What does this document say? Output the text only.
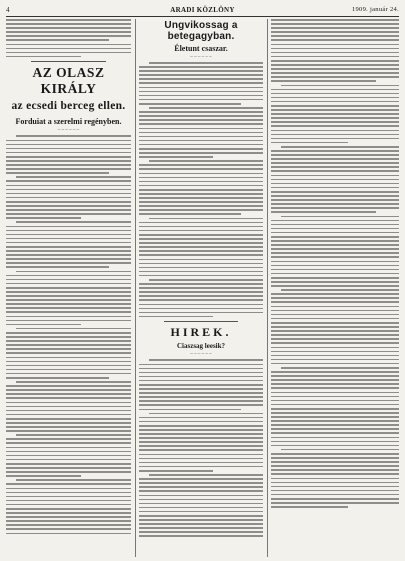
4	ARADI KÖZLÖNY	1909. január 24.
AZ OLASZ KIRÁLY
az ecsedi berceg ellen.
Forduiat a szerelmi regényben.
– – – – – –
Ungvikossag a betegagyban.
Életunt csaszar.
– – – – – –
HIREK.
Ciaszsag leesik?
– – – – – –
